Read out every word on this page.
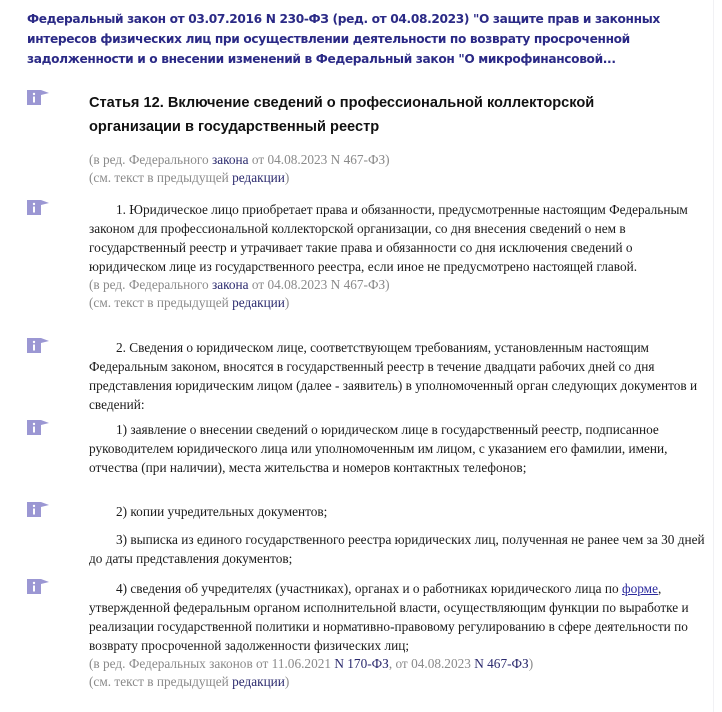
Федеральный закон от 03.07.2016 N 230-ФЗ (ред. от 04.08.2023) "О защите прав и законных интересов физических лиц при осуществлении деятельности по возврату просроченной задолженности и о внесении изменений в Федеральный закон "О микрофинансовой...
Статья 12. Включение сведений о профессиональной коллекторской организации в государственный реестр

(в ред. Федерального закона от 04.08.2023 N 467-ФЗ)

(см. текст в предыдущей редакции)

1. Юридическое лицо приобретает права и обязанности, предусмотренные настоящим Федеральным законом для профессиональной коллекторской организации, со дня внесения сведений о нем в государственный реестр и утрачивает такие права и обязанности со дня исключения сведений о юридическом лице из государственного реестра, если иное не предусмотрено настоящей главой.

(в ред. Федерального закона от 04.08.2023 N 467-ФЗ)

(см. текст в предыдущей редакции)

2. Сведения о юридическом лице, соответствующем требованиям, установленным настоящим Федеральным законом, вносятся в государственный реестр в течение двадцати рабочих дней со дня представления юридическим лицом (далее - заявитель) в уполномоченный орган следующих документов и сведений:

1) заявление о внесении сведений о юридическом лице в государственный реестр, подписанное руководителем юридического лица или уполномоченным им лицом, с указанием его фамилии, имени, отчества (при наличии), места жительства и номеров контактных телефонов;

2) копии учредительных документов;

3) выписка из единого государственного реестра юридических лиц, полученная не ранее чем за 30 дней до даты представления документов;

4) сведения об учредителях (участниках), органах и о работниках юридического лица по форме, утвержденной федеральным органом исполнительной власти, осуществляющим функции по выработке и реализации государственной политики и нормативно-правовому регулированию в сфере деятельности по возврату просроченной задолженности физических лиц;

(в ред. Федеральных законов от 11.06.2021 N 170-ФЗ, от 04.08.2023 N 467-ФЗ)

(см. текст в предыдущей редакции)
